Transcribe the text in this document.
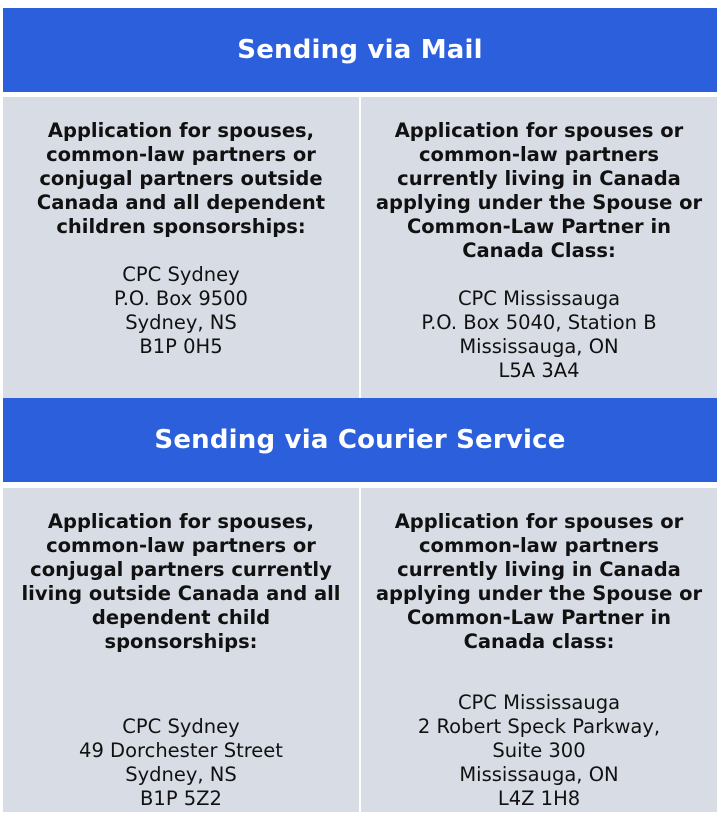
Sending via Mail

Application for spouses,
common-law partners or
conjugal partners outside
Canada and all dependent
children sponsorships:

CPC Sydney
P.O. Box 9500
Sydney, NS
B1P 0H5

Application for spouses or
common-law partners
currently living in Canada
applying under the Spouse or
Common-Law Partner in
Canada Class:

CPC Mississauga
P.O. Box 5040, Station B
Mississauga, ON
L5A 3A4
Sending via Courier Service

Application for spouses,
common-law partners or
conjugal partners currently
living outside Canada and all
dependent child sponsorships:

CPC Sydney
49 Dorchester Street
Sydney, NS
B1P 5Z2

Application for spouses or
common-law partners
currently living in Canada
applying under the Spouse or
Common-Law Partner in
Canada class:

CPC Mississauga
2 Robert Speck Parkway,
Suite 300
Mississauga, ON
L4Z 1H8
